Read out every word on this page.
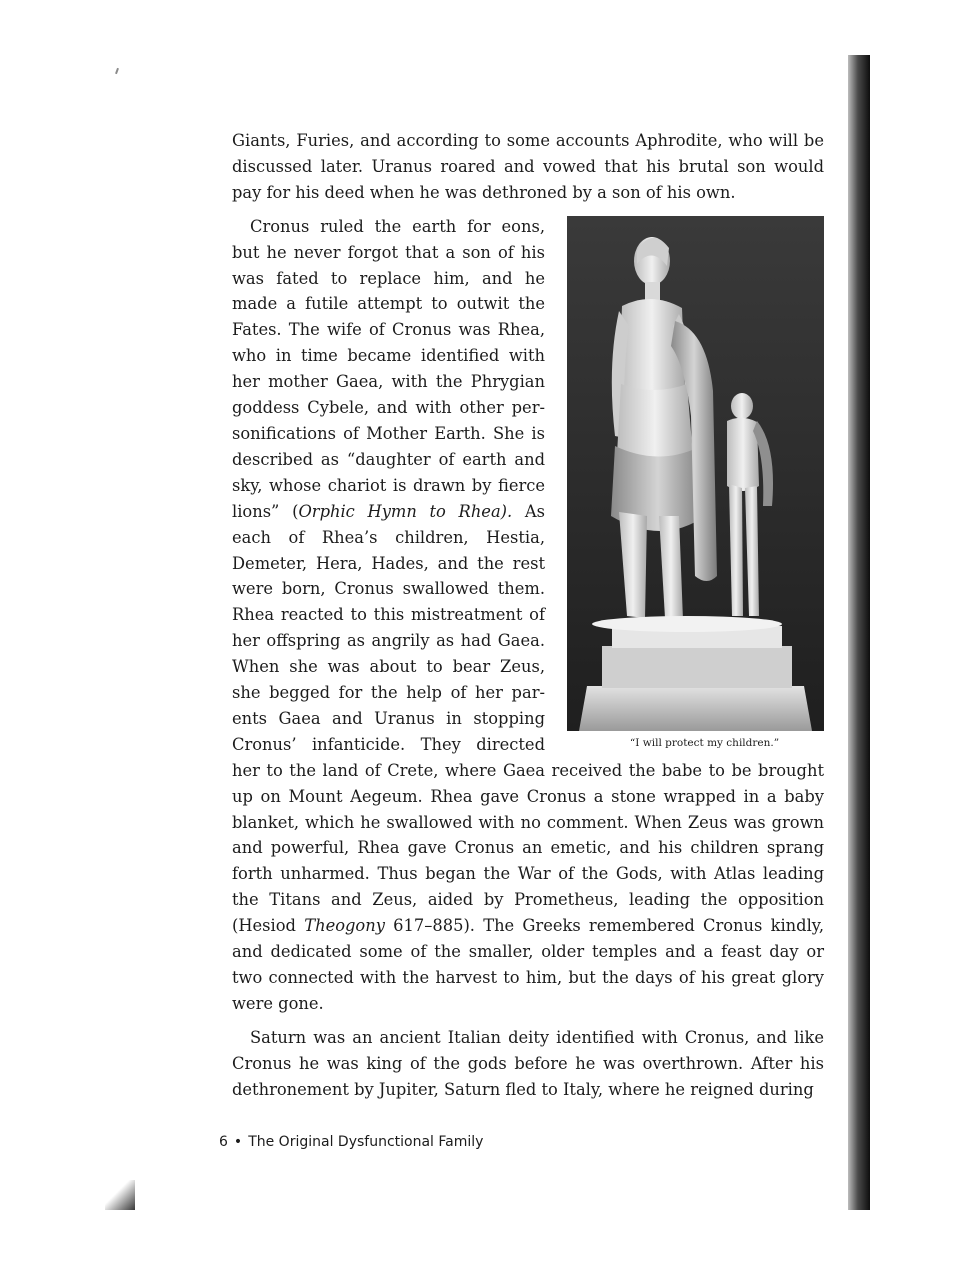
Giants, Furies, and according to some accounts Aphrodite, who will be discussed later. Uranus roared and vowed that his brutal son would pay for his deed when he was dethroned by a son of his own.

“I will protect my children.”
Cronus ruled the earth for eons, but he never forgot that a son of his was fated to replace him, and he made a futile attempt to outwit the Fates. The wife of Cronus was Rhea, who in time became identified with her mother Gaea, with the Phrygian goddess Cybele, and with other personifications of Mother Earth. She is described as “daughter of earth and sky, whose chariot is drawn by fierce lions” (Orphic Hymn to Rhea). As each of Rhea’s children, Hestia, Demeter, Hera, Hades, and the rest were born, Cronus swallowed them. Rhea reacted to this mistreatment of her offspring as angrily as had Gaea. When she was about to bear Zeus, she begged for the help of her parents Gaea and Uranus in stopping Cronus’ infanticide. They directed her to the land of Crete, where Gaea received the babe to be brought up on Mount Aegeum. Rhea gave Cronus a stone wrapped in a baby blanket, which he swallowed with no comment. When Zeus was grown and powerful, Rhea gave Cronus an emetic, and his children sprang forth unharmed. Thus began the War of the Gods, with Atlas leading the Titans and Zeus, aided by Prometheus, leading the opposition (Hesiod Theogony 617–885). The Greeks remembered Cronus kindly, and dedicated some of the smaller, older temples and a feast day or two connected with the harvest to him, but the days of his great glory were gone.

Saturn was an ancient Italian deity identified with Cronus, and like Cronus he was king of the gods before he was overthrown. After his dethronement by Jupiter, Saturn fled to Italy, where he reigned during

6 • The Original Dysfunctional Family
